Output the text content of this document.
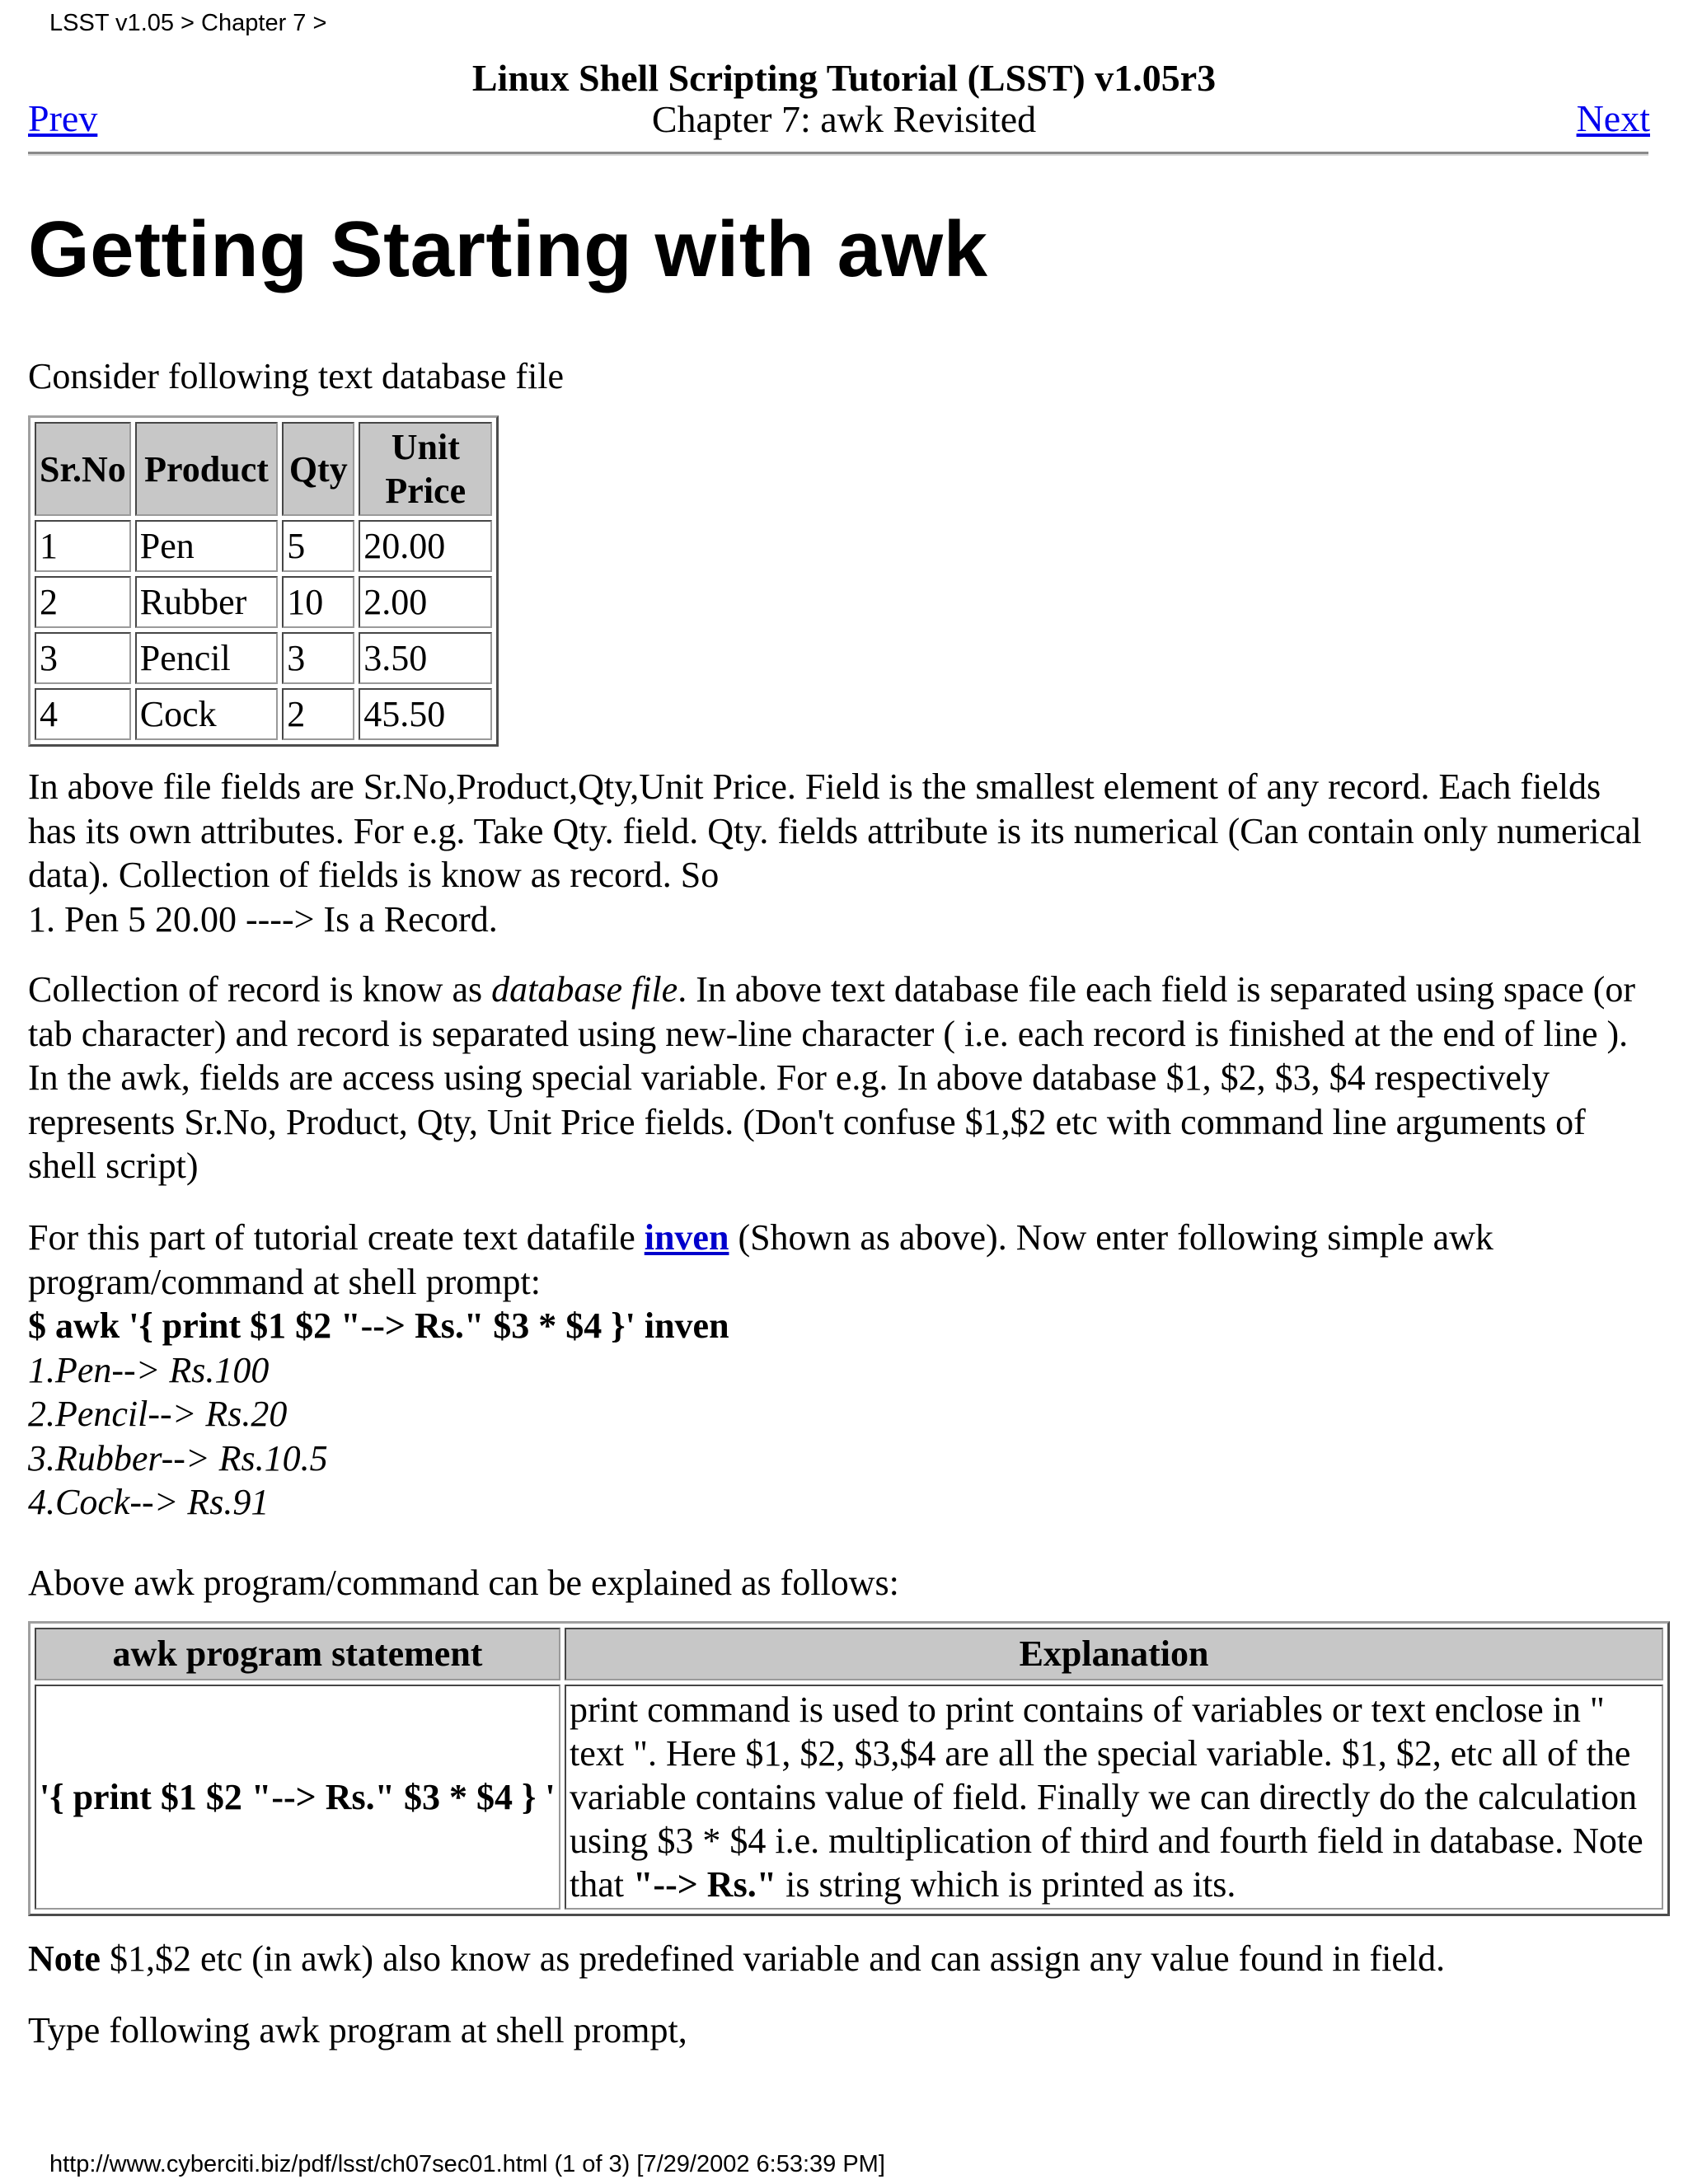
LSST v1.05 > Chapter 7 >
Linux Shell Scripting Tutorial (LSST) v1.05r3
Chapter 7: awk Revisited
Prev	Next
Getting Starting with awk
Consider following text database file
Sr.No	Product	Qty	Unit Price
1	Pen	5	20.00
2	Rubber	10	2.00
3	Pencil	3	3.50
4	Cock	2	45.50
In above file fields are Sr.No,Product,Qty,Unit Price. Field is the smallest element of any record. Each fields has its own attributes. For e.g. Take Qty. field. Qty. fields attribute is its numerical (Can contain only numerical data). Collection of fields is know as record. So
1. Pen 5 20.00 ----> Is a Record.
Collection of record is know as database file. In above text database file each field is separated using space (or tab character) and record is separated using new-line character ( i.e. each record is finished at the end of line ). In the awk, fields are access using special variable. For e.g. In above database $1, $2, $3, $4 respectively represents Sr.No, Product, Qty, Unit Price fields. (Don't confuse $1,$2 etc with command line arguments of shell script)
For this part of tutorial create text datafile inven (Shown as above). Now enter following simple awk program/command at shell prompt:
$ awk '{ print $1 $2 "--> Rs." $3 * $4 }' inven
1.Pen--> Rs.100
2.Pencil--> Rs.20
3.Rubber--> Rs.10.5
4.Cock--> Rs.91
Above awk program/command can be explained as follows:
awk program statement	Explanation
'{ print $1 $2 "--> Rs." $3 * $4 } '	print command is used to print contains of variables or text enclose in " text ". Here $1, $2, $3,$4 are all the special variable. $1, $2, etc all of the variable contains value of field. Finally we can directly do the calculation using $3 * $4 i.e. multiplication of third and fourth field in database. Note that "--> Rs." is string which is printed as its.
Note $1,$2 etc (in awk) also know as predefined variable and can assign any value found in field.
Type following awk program at shell prompt,
http://www.cyberciti.biz/pdf/lsst/ch07sec01.html (1 of 3) [7/29/2002 6:53:39 PM]
